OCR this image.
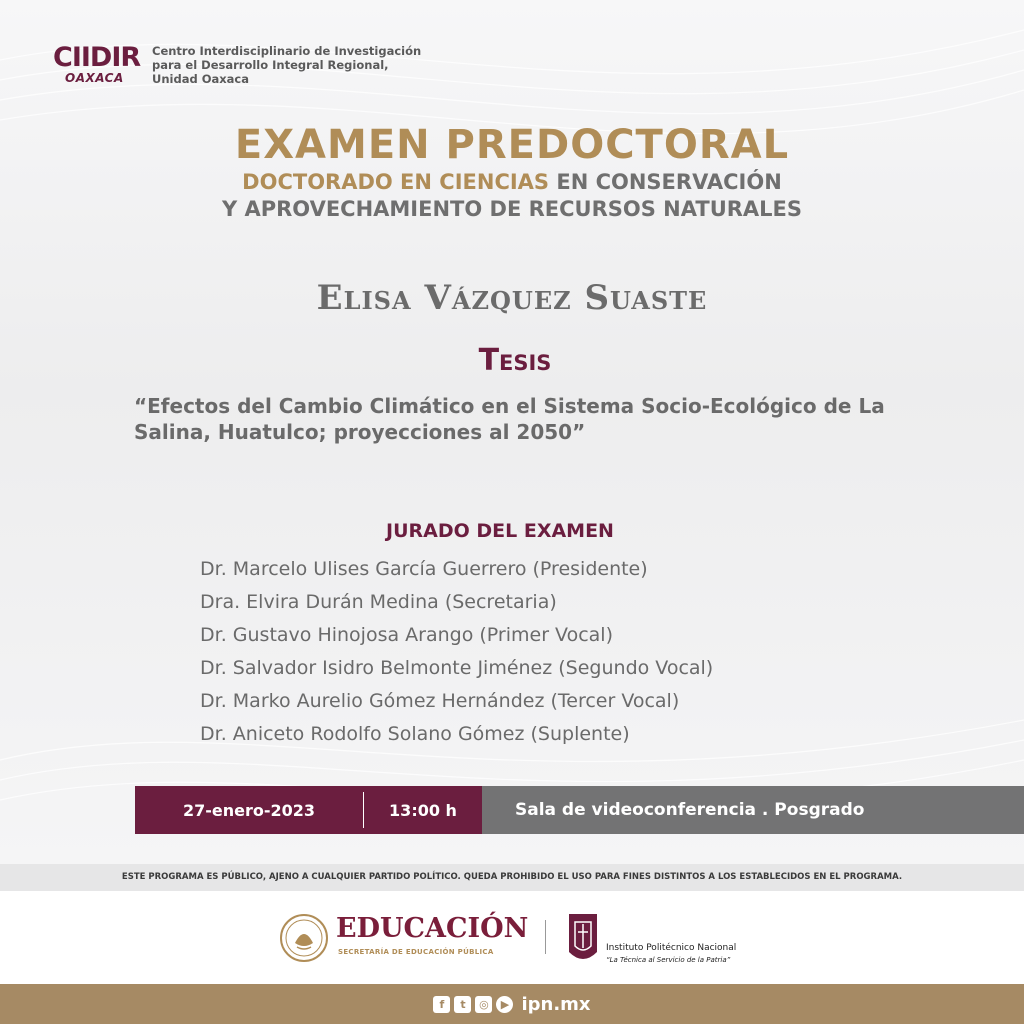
CIIDIR
OAXACA
Centro Interdisciplinario de Investigación
para el Desarrollo Integral Regional,
Unidad Oaxaca
EXAMEN PREDOCTORAL
DOCTORADO EN CIENCIAS EN CONSERVACIÓN
Y APROVECHAMIENTO DE RECURSOS NATURALES
Elisa Vázquez Suaste
Tesis
“Efectos del Cambio Climático en el Sistema Socio-Ecológico de La Salina, Huatulco; proyecciones al 2050”
JURADO DEL EXAMEN
Dr. Marcelo Ulises García Guerrero (Presidente)
Dra. Elvira Durán Medina (Secretaria)
Dr. Gustavo Hinojosa Arango (Primer Vocal)
Dr. Salvador Isidro Belmonte Jiménez (Segundo Vocal)
Dr. Marko Aurelio Gómez Hernández (Tercer Vocal)
Dr. Aniceto Rodolfo Solano Gómez (Suplente)
27-enero-2023	13:00 h	Sala de videoconferencia . Posgrado
ESTE PROGRAMA ES PÚBLICO, AJENO A CUALQUIER PARTIDO POLÍTICO. QUEDA PROHIBIDO EL USO PARA FINES DISTINTOS A LOS ESTABLECIDOS EN EL PROGRAMA.
EDUCACIÓN
SECRETARÍA DE EDUCACIÓN PÚBLICA	Instituto Politécnico Nacional
“La Técnica al Servicio de la Patria”
f	t	◎	▶ ipn.mx
